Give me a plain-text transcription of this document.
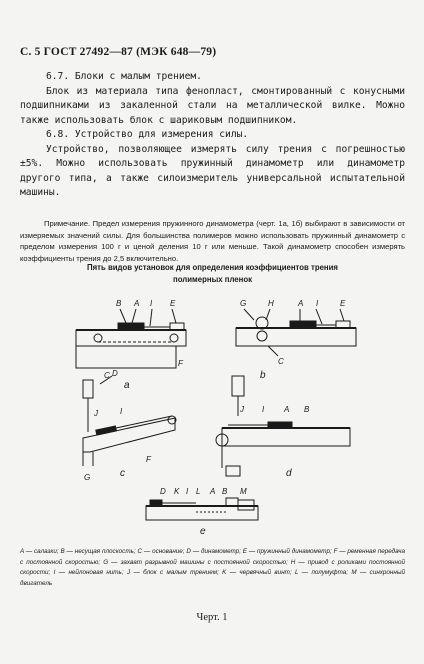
С. 5 ГОСТ 27492—87 (МЭК 648—79)

6.7. Блоки с малым трением.

Блок из материала типа фенопласт, смонтированный с конусными подшипниками из закаленной стали на металлической вилке. Можно также использовать блок с шариковым подшипником.

6.8. Устройство для измерения силы.

Устройство, позволяющее измерять силу трения с погрешностью ±5%. Можно использовать пружинный динамометр или динамометр другого типа, а также силоизмеритель универсальной испытательной машины.

Примечание. Предел измерения пружинного динамометра (черт. 1а, 1б) выбирают в зависимости от измеряемых значений силы. Для большинства полимеров можно использовать пружинный динамометр с пределом измерения 100 г и ценой деления 10 г или меньше. Такой динамометр способен измерять коэффициенты трения до 2,5 включительно.

Пять видов установок для определения коэффициентов трения
полимерных пленок
B A I E
C
F
a
G	H	A I	E
C
b
D
J	I
G
F
c
J I A B
d
D K I L A B M
e
A — салазки; B — несущая плоскость; C — основание; D — динамометр; E — пружинный динамометр; F — ременная передача с постоянной скоростью; G — захват разрывной машины с постоянной скоростью; H — привод с роликами постоянной скорости; I — нейлоновая нить; J — блок с малым трением; K — червячный винт; L — полумуфта; M — синхронный двигатель
Черт. 1
